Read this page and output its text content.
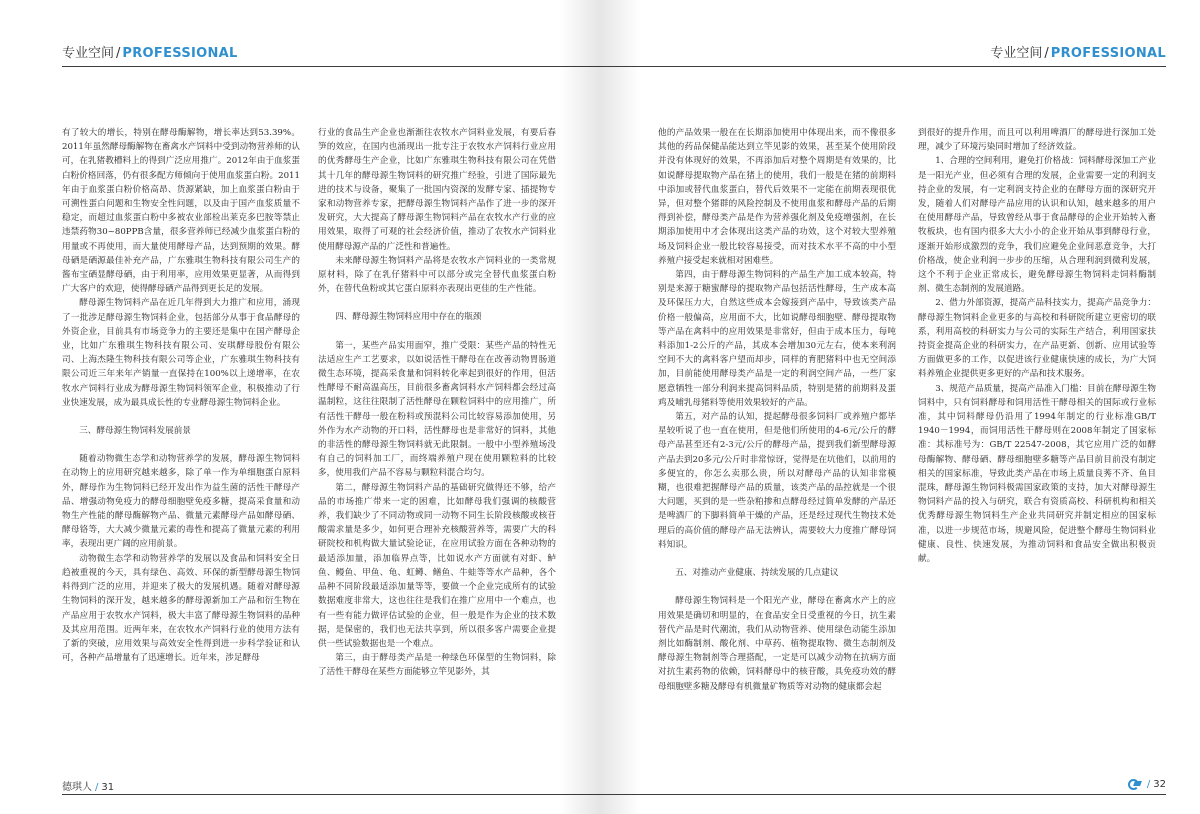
专业空间 / PROFESSIONAL

有了较大的增长，特别在酵母酶解物，增长率达到53.39%。2011年虽然酵母酶解物在畜禽水产饲料中受到动物营养师的认可，在乳猪教槽料上的得到广泛应用推广。2012年由于血浆蛋白粉价格回落，仍有很多配方师倾向于使用血浆蛋白粉。2011年由于血浆蛋白粉价格高昂、货源紧缺，加上血浆蛋白粉由于可溯性蛋白问题和生物安全性问题，以及由于国产血浆质量不稳定，而超过血浆蛋白粉中多被农业部检出莱克多巴胺等禁止违禁药物30~80PPB含量，很多营养师已经减少血浆蛋白粉的用量或不再使用，而大量使用酵母产品，达到预期的效果。酵母硒是硒源最佳补充产品，广东雅琪生物科技有限公司生产的酱布宝硒显酵母硒，由于利用率，应用效果更显著，从而得到广大客户的欢迎，使得酵母硒产品得到更长足的发展。

酵母源生物饲料产品在近几年得到大力推广和应用，涌现了一批涉足酵母源生物饲料企业，包括部分从事于食品酵母的外资企业，目前具有市场竞争力的主要还是集中在国产酵母企业，比如广东雅琪生物科技有限公司、安琪酵母股份有限公司、上海杰隆生物科技有限公司等企业，广东雅琪生物科技有限公司近三年来年产销量一直保持在100%以上递增率，在农牧水产饲料行业成为酵母源生物饲料领军企业，积极推动了行业快速发展，成为最具成长性的专业酵母源生物饲料企业。

三、酵母源生物饲料发展前景

随着动物微生态学和动物营养学的发展，酵母源生物饲料在动物上的应用研究越来越多，除了单一作为单细胞蛋白原料外，酵母作为生物饲料已经开发出作为益生菌的活性干酵母产品、增强动物免疫力的酵母细胞壁免疫多糖，提高采食量和动物生产性能的酵母酶解物产品、微量元素酵母产品如酵母硒、酵母铬等，大大减少微量元素的毒性和提高了微量元素的利用率，表现出更广阔的应用前景。

动物微生态学和动物营养学的发展以及食品和饲料安全日趋被重视的今天，具有绿色、高效、环保的新型酵母源生物饲料得到广泛的应用，并迎来了极大的发展机遇。随着对酵母源生物饲料的深开发，越来越多的酵母源新加工产品和衍生物在产品应用于农牧水产饲料，极大丰富了酵母源生物饲料的品种及其应用范围。近两年来，在农牧水产饲料行业的使用方法有了新的突破，应用效果与高效安全性得到进一步科学验证和认可，各种产品增量有了迅速增长。近年来，涉足酵母

行业的食品生产企业也渐渐往农牧水产饲料业发展，有要后春笋的效应，在国内也涌现出一批专注于农牧水产饲料行业应用的优秀酵母生产企业，比如广东雅琪生物科技有限公司在凭借其十几年的酵母源生物饲料的研究推广经验，引进了国际最先进的技术与设备，聚集了一批国内资深的发酵专家、插提物专家和动物营养专家，把酵母源生物饲料产品作了进一步的深开发研究，大大提高了酵母源生物饲料产品在农牧水产行业的应用效果，取得了可观的社会经济价值，推动了农牧水产饲料业使用酵母源产品的广泛性和普遍性。

未来酵母源生物饲料产品将是农牧水产饲料业的一类常规原材料，除了在乳仔猪料中可以部分或完全替代血浆蛋白粉外，在替代鱼粉或其它蛋白原料亦表现出更佳的生产性能。

四、酵母源生物饲料应用中存在的瓶颈

第一，某些产品实用面窄，推广受限：某些产品的特性无法适应生产工艺要求，以如说活性干酵母在在改善动物胃肠道微生态环境，提高采食量和饲料转化率起到很好的作用，但活性酵母不耐高温高压，目前很多畜禽饲料水产饲料都会经过高温制粒，这往往限制了活性酵母在颗粒饲料中的应用推广，所有活性干酵母一般在粉料或预混料公司比较容易添加使用，另外作为水产动物的开口料，活性酵母也是非常好的饲料，其他的非活性的酵母源生物饲料就无此限制。一般中小型养殖场没有自己的饲料加工厂，而终端养殖户现在使用颗粒料的比较多，使用我们产品不容易与颗粒料混合均匀。

第二，酵母源生物饲料产品的基础研究做得还不够，给产品的市场推广带来一定的困难，比如酵母我们强调的核酸营养，我们缺少了不同动物或同一动物不同生长阶段核酸或核苷酸需求量是多少，如何更合理补充核酸营养等，需要广大的科研院校和机构做大量试验论证，在应用试验方面在各种动物的最适添加量，添加临界点等，比如说水产方面就有对虾、鲈鱼、鳗鱼、甲鱼、龟、虹鳟、鳝鱼、牛蛙等等水产品种，各个品种不同阶段最适添加量等等，要做一个企业完成所有的试验数据难度非常大，这也往往是我们在推广应用中一个难点，也有一些有能力做评估试验的企业，但一般是作为企业的技术数据，是保密的，我们也无法共享到，所以很多客户需要企业提供一些试验数据也是一个难点。

第三，由于酵母类产品是一种绿色环保型的生物饲料，除了活性干酵母在某些方面能够立竿见影外，其

德琪人 / 31
专业空间 / PROFESSIONAL

他的产品效果一般在在长期添加使用中体现出来，而不像很多其他的药品保健品能达到立竿见影的效果，甚至某个使用阶段并没有体现好的效果，不再添加后对整个周期是有效果的，比如说酵母提取物产品在猪上的使用，我们一般是在猪的前期料中添加或替代血浆蛋白，替代后效果不一定能在前期表现很优异，但对整个猪群的风险控制及不使用血浆和酵母产品的后期得到补偿，酵母类产品是作为营养强化剂及免疫增强剂，在长期添加使用中才会体现出这类产品的功效，这个对较大型养殖场及饲料企业一般比较容易接受，而对技术水平不高的中小型养殖户接受起来就相对困难些。

第四，由于酵母源生物饲料的产品生产加工成本较高，特别是来源于糖蜜酵母的提取物产品包括活性酵母，生产成本高及环保压力大，自然这些成本会嫁接到产品中，导致该类产品价格一般偏高，应用面不大，比如说酵母细胞壁、酵母提取物等产品在禽料中的应用效果是非常好，但由于成本压力，每吨料添加1-2公斤的产品，其成本会增加30元左右，使本来利润空间不大的禽料客户望而却步，同样的育肥猪料中也无空间添加，目前能使用酵母类产品是一定的利润空间产品，一些厂家愿意牺牲一部分利润来提高饲料品质，特别是猪的前期料及蛋鸡及哺乳母猪料等使用效果较好的产品。

第五，对产品的认知，提起酵母很多饲料厂或养殖户都毕星较听说了也一直在使用，但是他们所使用的4-6元/公斤的酵母产品甚至还有2-3元/公斤的酵母产品，提到我们新型酵母源产品去到20多元/公斤时非常惊讶，觉得是在坑他们，以前用的多便宜的，你怎么卖那么贵，所以对酵母产品的认知非常模糊，也很难把握酵母产品的质量，该类产品的品控就是一个很大问题，买到的是一些杂粕掺和点酵母经过简单发酵的产品还是啤酒厂的下脚料简单干燥的产品，还是经过现代生物技术处理后的高价值的酵母产品无法辨认，需要较大力度推广酵母饲料知识。

五、对推动产业健康、持续发展的几点建议

酵母源生物饲料是一个阳光产业，酵母在畜禽水产上的应用效果是确切和明显的，在食品安全日受重视的今日，抗生素替代产品是时代潮流，我们从动物营养、使用绿色动能生添加剂比如酶制剂、酸化剂、中草药、植物提取物、微生态制剂及酵母源生物制剂等合理搭配，一定是可以减少动物在抗病方面对抗生素药物的依赖，饲料酵母中的核苷酸，具免疫功效的酵母细胞壁多糖及酵母有机微量矿物质等对动物的健康都会起

到很好的提升作用，而且可以利用啤酒厂的酵母进行深加工处理，减少了环境污染同时增加了经济效益。

1、合理的空间利用，避免打价格战：饲料酵母深加工产业是一阳光产业，但必须有合理的发展，企业需要一定的利润支持企业的发展，有一定利润支持企业的在酵母方面的深研究开发，随着人们对酵母产品应用的认识和认知，越来越多的用户在使用酵母产品，导致曾经从事于食品酵母的企业开始转入畜牧板块，也有国内很多大大小小的企业开始从事到酵母行业，逐渐开始形成激烈的竞争，我们应避免企业间恶意竞争，大打价格战，使企业利润一步步的压缩，从合理利润到微利发展，这个不利于企业正常成长，避免酵母源生物饲料走饲料酶制剂、微生态制剂的发展道路。

2、借力外部资源，提高产品科技实力，提高产品竞争力：酵母源生物饲料企业更多的与高校和科研院所建立更密切的联系，利用高校的科研实力与公司的实际生产结合，利用国家扶持资金提高企业的科研实力，在产品更新、创新、应用试验等方面做更多的工作，以促进该行业健康快速的成长，为广大饲料养殖企业提供更多更好的产品和技术服务。

3、规范产品质量，提高产品准入门槛：目前在酵母源生物饲料中，只有饲料酵母和饲用活性干酵母相关的国际或行业标准，其中饲料酵母仍沿用了1994年制定的行业标准GB/T 1940－1994，而饲用活性干酵母则在2008年制定了国家标准：其标准号为：GB/T 22547-2008，其它应用广泛的如酵母酶解物、酵母硒、酵母细胞壁多糖等产品目前目前没有制定相关的国家标准，导致此类产品在市场上质量良莠不齐、鱼目混珠，酵母源生物饲料极需国家政策的支持，加大对酵母源生物饲料产品的投入与研究，联合有资质高校、科研机构和相关优秀酵母源生物饲料生产企业共同研究并制定相应的国家标准，以进一步规范市场，规避风险，促进整个酵母生物饲料业健康、良性、快速发展，为推动饲料和食品安全做出积极贡献。

/ 32
